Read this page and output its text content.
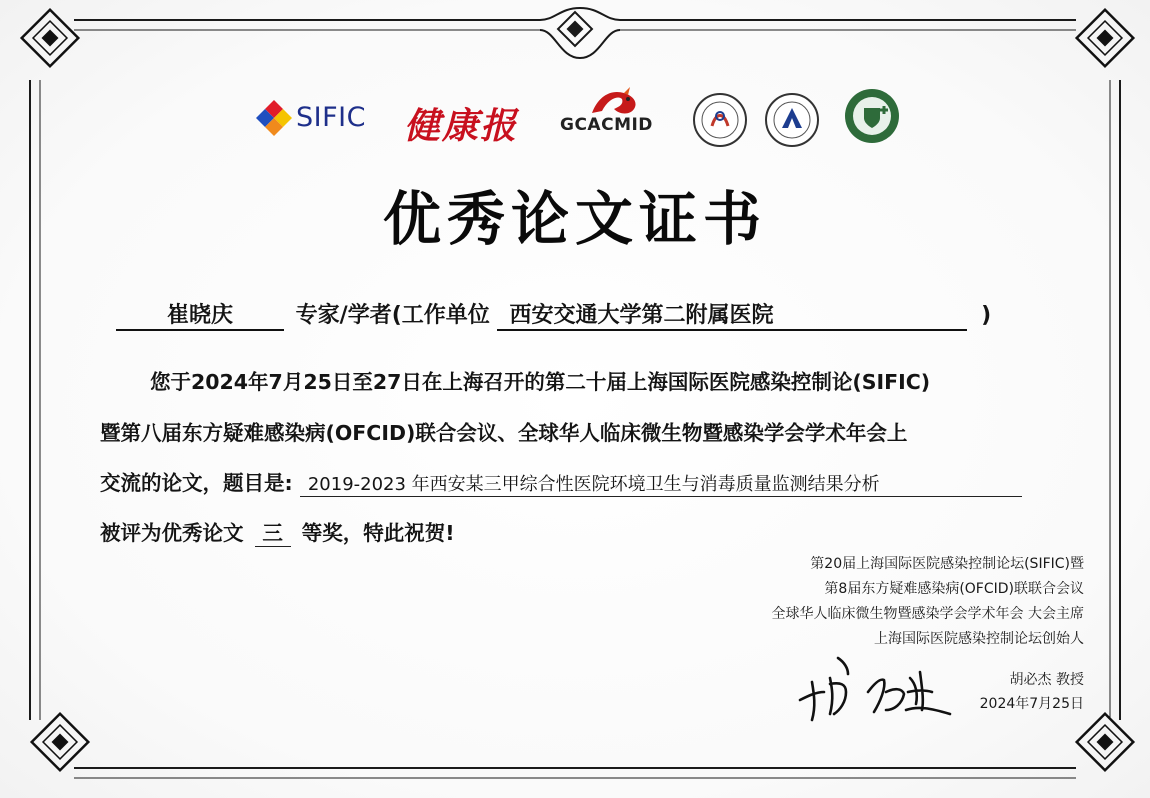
SIFIC 健康报 GCACMID
优秀论文证书
崔晓庆	专家/学者(工作单位 西安交通大学第二附属医院	)
您于2024年7月25日至27日在上海召开的第二十届上海国际医院感染控制论(SIFIC)
暨第八届东方疑难感染病(OFCID)联合会议、全球华人临床微生物暨感染学会学术年会上
交流的论文，题目是: 2019-2023 年西安某三甲综合性医院环境卫生与消毒质量监测结果分析
被评为优秀论文 三 等奖，特此祝贺!
第20届上海国际医院感染控制论坛(SIFIC)暨
第8届东方疑难感染病(OFCID)联联合会议
全球华人临床微生物暨感染学会学术年会 大会主席
上海国际医院感染控制论坛创始人
胡必杰 教授
2024年7月25日
